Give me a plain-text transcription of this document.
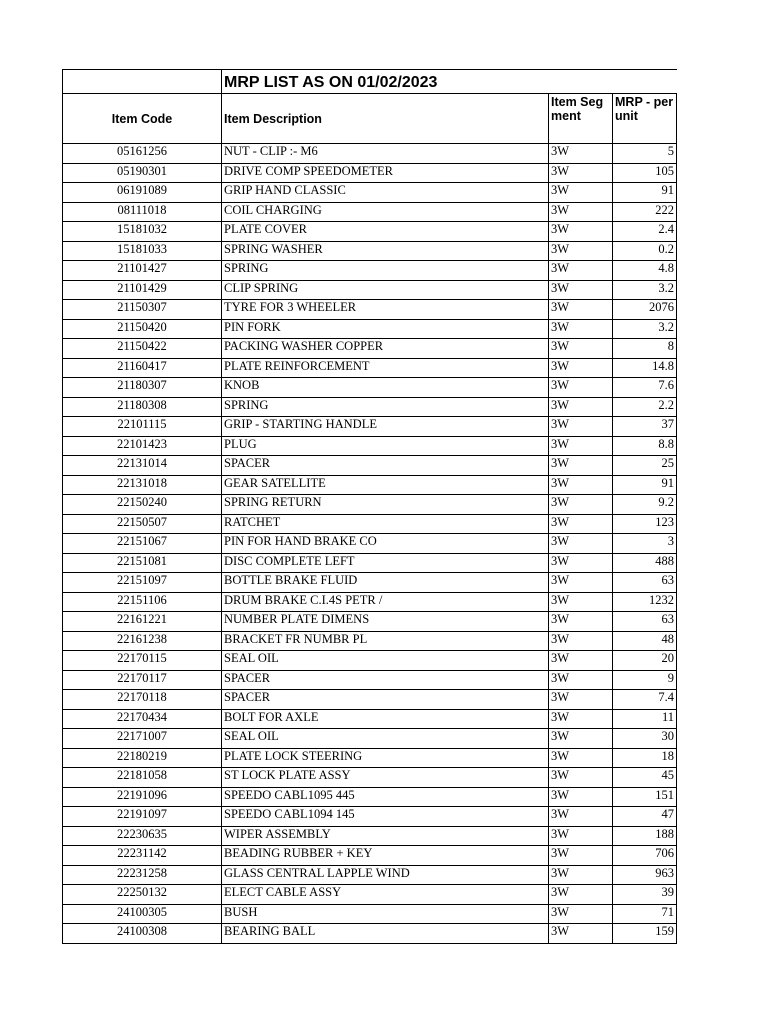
	MRP LIST AS ON 01/02/2023		
Item Code	Item Description	Item Seg ment	MRP - per unit
05161256	NUT - CLIP :- M6	3W	5
05190301	DRIVE COMP SPEEDOMETER	3W	105
06191089	GRIP HAND CLASSIC	3W	91
08111018	COIL CHARGING	3W	222
15181032	PLATE COVER	3W	2.4
15181033	SPRING WASHER	3W	0.2
21101427	SPRING	3W	4.8
21101429	CLIP SPRING	3W	3.2
21150307	TYRE FOR 3 WHEELER	3W	2076
21150420	PIN FORK	3W	3.2
21150422	PACKING WASHER COPPER	3W	8
21160417	PLATE REINFORCEMENT	3W	14.8
21180307	KNOB	3W	7.6
21180308	SPRING	3W	2.2
22101115	GRIP - STARTING HANDLE	3W	37
22101423	PLUG	3W	8.8
22131014	SPACER	3W	25
22131018	GEAR SATELLITE	3W	91
22150240	SPRING RETURN	3W	9.2
22150507	RATCHET	3W	123
22151067	PIN FOR HAND BRAKE CO	3W	3
22151081	DISC COMPLETE LEFT	3W	488
22151097	BOTTLE BRAKE FLUID	3W	63
22151106	DRUM BRAKE C.I.4S PETR /	3W	1232
22161221	NUMBER PLATE DIMENS	3W	63
22161238	BRACKET FR NUMBR PL	3W	48
22170115	SEAL OIL	3W	20
22170117	SPACER	3W	9
22170118	SPACER	3W	7.4
22170434	BOLT FOR AXLE	3W	11
22171007	SEAL OIL	3W	30
22180219	PLATE LOCK STEERING	3W	18
22181058	ST LOCK PLATE ASSY	3W	45
22191096	SPEEDO CABL1095 445	3W	151
22191097	SPEEDO CABL1094 145	3W	47
22230635	WIPER ASSEMBLY	3W	188
22231142	BEADING RUBBER + KEY	3W	706
22231258	GLASS CENTRAL LAPPLE WIND	3W	963
22250132	ELECT CABLE ASSY	3W	39
24100305	BUSH	3W	71
24100308	BEARING BALL	3W	159
